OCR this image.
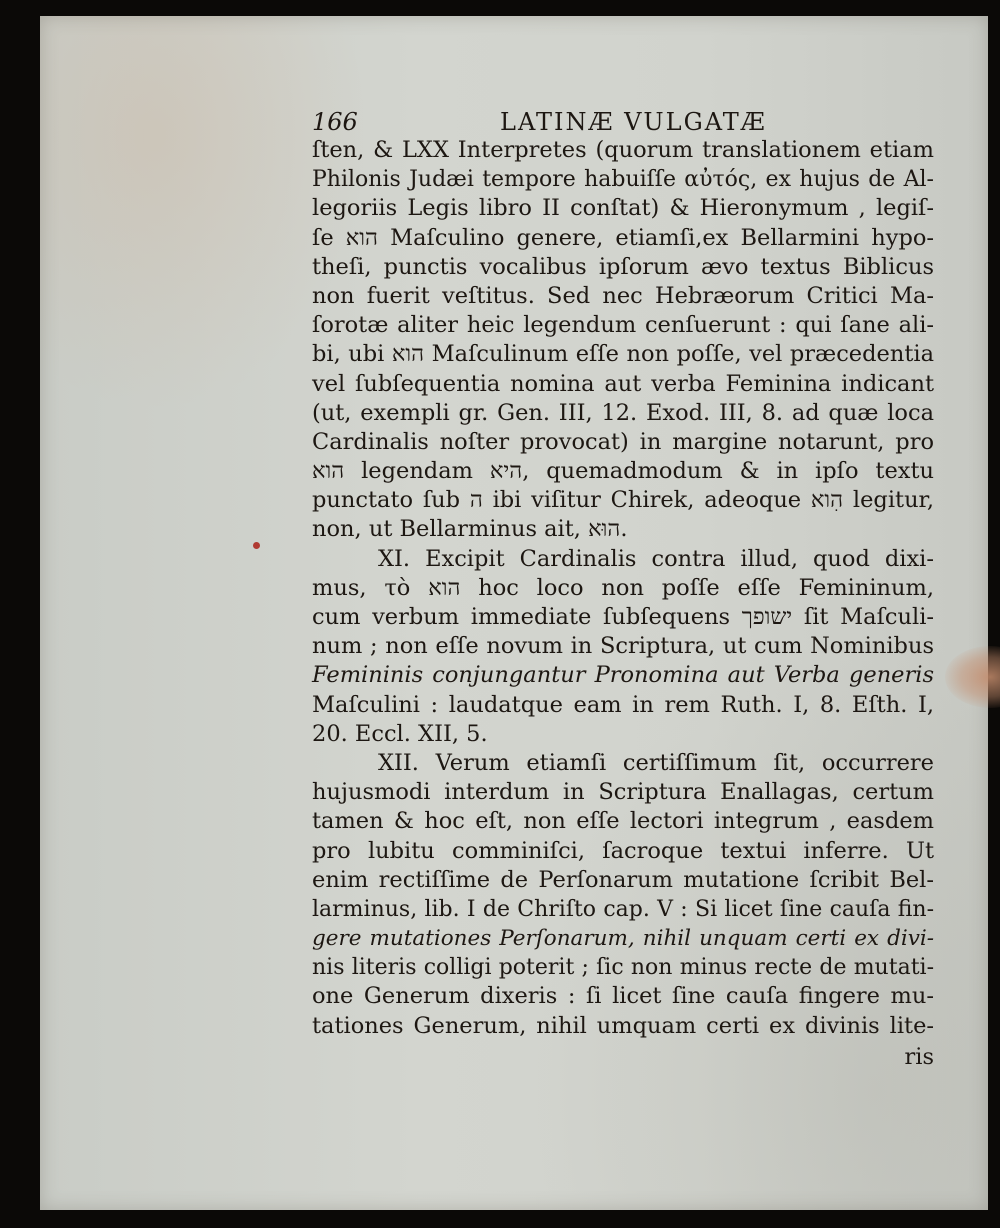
166	LATINÆ VULGATÆ
ſten, & LXX Interpretes (quorum translationem etiam
Philonis Judæi tempore habuiſſe αὐτός, ex hujus de Al-
legoriis Legis libro II conſtat) & Hieronymum , legiſ-
ſe הוא Maſculino genere, etiamſi,ex Bellarmini hypo-
theſi, punctis vocalibus ipſorum ævo textus Biblicus
non fuerit veſtitus. Sed nec Hebræorum Critici Ma-
ſorotæ aliter heic legendum cenſuerunt : qui ſane ali-
bi, ubi הוא Maſculinum eſſe non poſſe, vel præcedentia
vel ſubſequentia nomina aut verba Feminina indicant
(ut, exempli gr. Gen. III, 12. Exod. III, 8. ad quæ loca
Cardinalis noſter provocat) in margine notarunt, pro
הוא legendam היא, quemadmodum & in ipſo textu
punctato ſub ה ibi viſitur Chirek, adeoque הִוא legitur,
non, ut Bellarminus ait, הוּא.
XI. Excipit Cardinalis contra illud, quod dixi-
mus, τὸ הוא hoc loco non poſſe eſſe Femininum,
cum verbum immediate ſubſequens ישופך ſit Maſculi-
num ; non eſſe novum in Scriptura, ut cum Nominibus
Femininis conjungantur Pronomina aut Verba generis
Maſculini : laudatque eam in rem Ruth. I, 8. Eſth. I,
20. Eccl. XII, 5.
XII. Verum etiamſi certiſſimum ſit, occurrere
hujusmodi interdum in Scriptura Enallagas, certum
tamen & hoc eſt, non eſſe lectori integrum , easdem
pro lubitu comminiſci, ſacroque textui inferre. Ut
enim rectiſſime de Perſonarum mutatione ſcribit Bel-
larminus, lib. I de Chriſto cap. V : Si licet ſine cauſa fin-
gere mutationes Perſonarum, nihil unquam certi ex divi-
nis literis colligi poterit ; ſic non minus recte de mutati-
one Generum dixeris : ſi licet ſine cauſa fingere mu-
tationes Generum, nihil umquam certi ex divinis lite-
ris
